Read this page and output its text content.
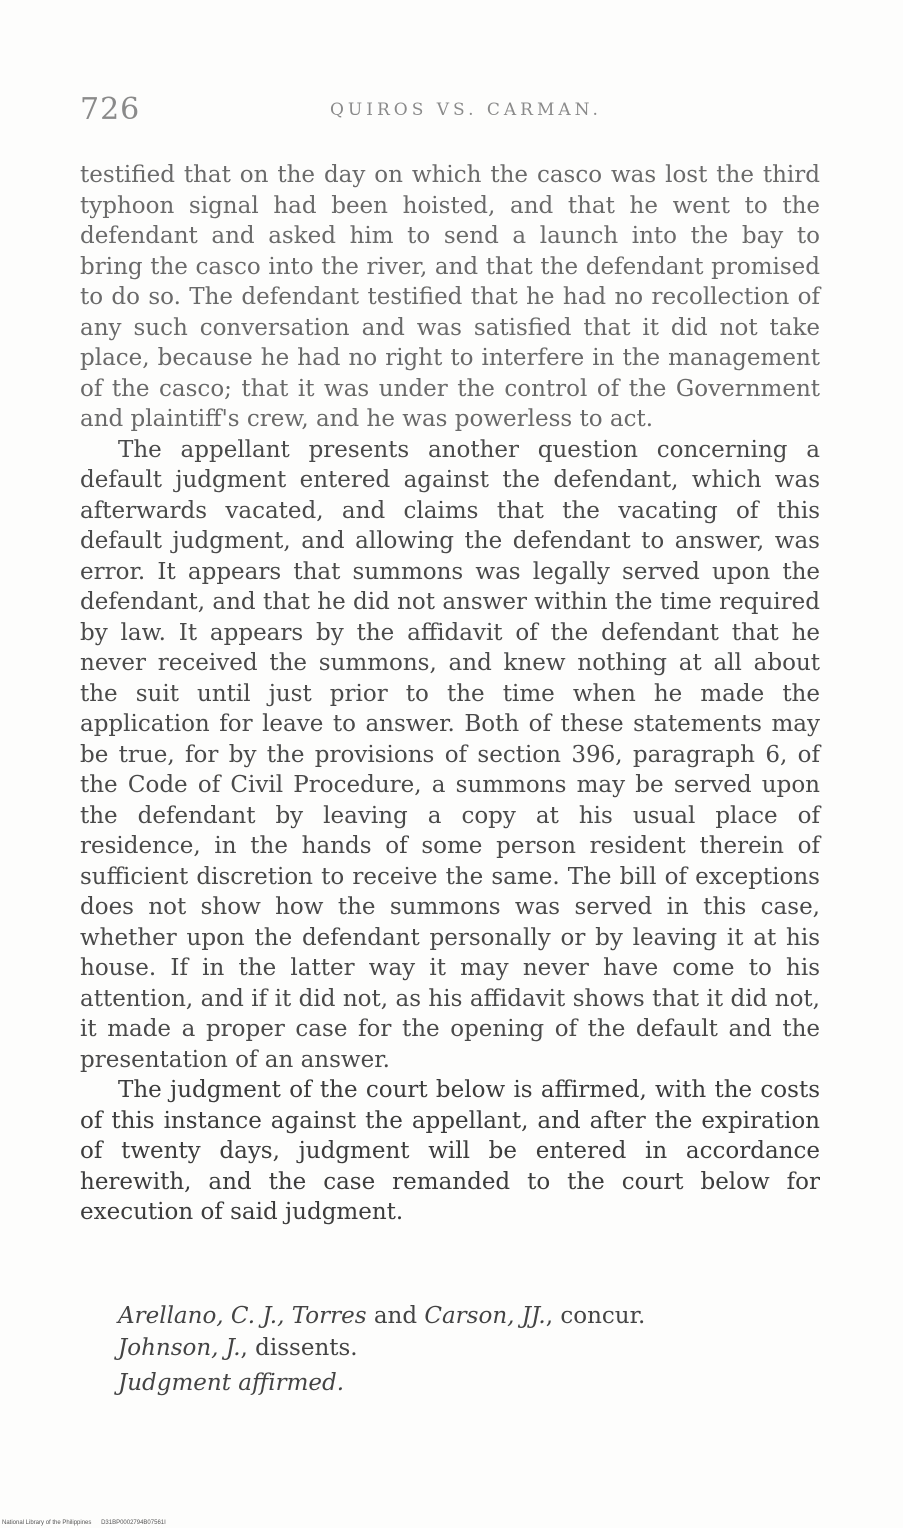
726	QUIROS VS. CARMAN.

testified that on the day on which the casco was lost the third typhoon signal had been hoisted, and that he went to the defendant and asked him to send a launch into the bay to bring the casco into the river, and that the defendant promised to do so. The defendant testified that he had no recollection of any such conversation and was satisfied that it did not take place, because he had no right to interfere in the management of the casco; that it was under the control of the Government and plaintiff's crew, and he was powerless to act.

The appellant presents another question concerning a default judgment entered against the defendant, which was afterwards vacated, and claims that the vacating of this default judgment, and allowing the defendant to answer, was error. It appears that summons was legally served upon the defendant, and that he did not answer within the time required by law. It appears by the affidavit of the defendant that he never received the summons, and knew nothing at all about the suit until just prior to the time when he made the application for leave to answer. Both of these statements may be true, for by the provisions of section 396, paragraph 6, of the Code of Civil Procedure, a summons may be served upon the defendant by leaving a copy at his usual place of residence, in the hands of some person resident therein of sufficient discretion to receive the same. The bill of exceptions does not show how the summons was served in this case, whether upon the defendant personally or by leaving it at his house. If in the latter way it may never have come to his attention, and if it did not, as his affidavit shows that it did not, it made a proper case for the opening of the default and the presentation of an answer.

The judgment of the court below is affirmed, with the costs of this instance against the appellant, and after the expiration of twenty days, judgment will be entered in accordance herewith, and the case remanded to the court below for execution of said judgment.

Arellano, C. J., Torres and Carson, JJ., concur.
Johnson, J., dissents.
Judgment affirmed.
National Library of the Philippines D31BP0002794B07561I
